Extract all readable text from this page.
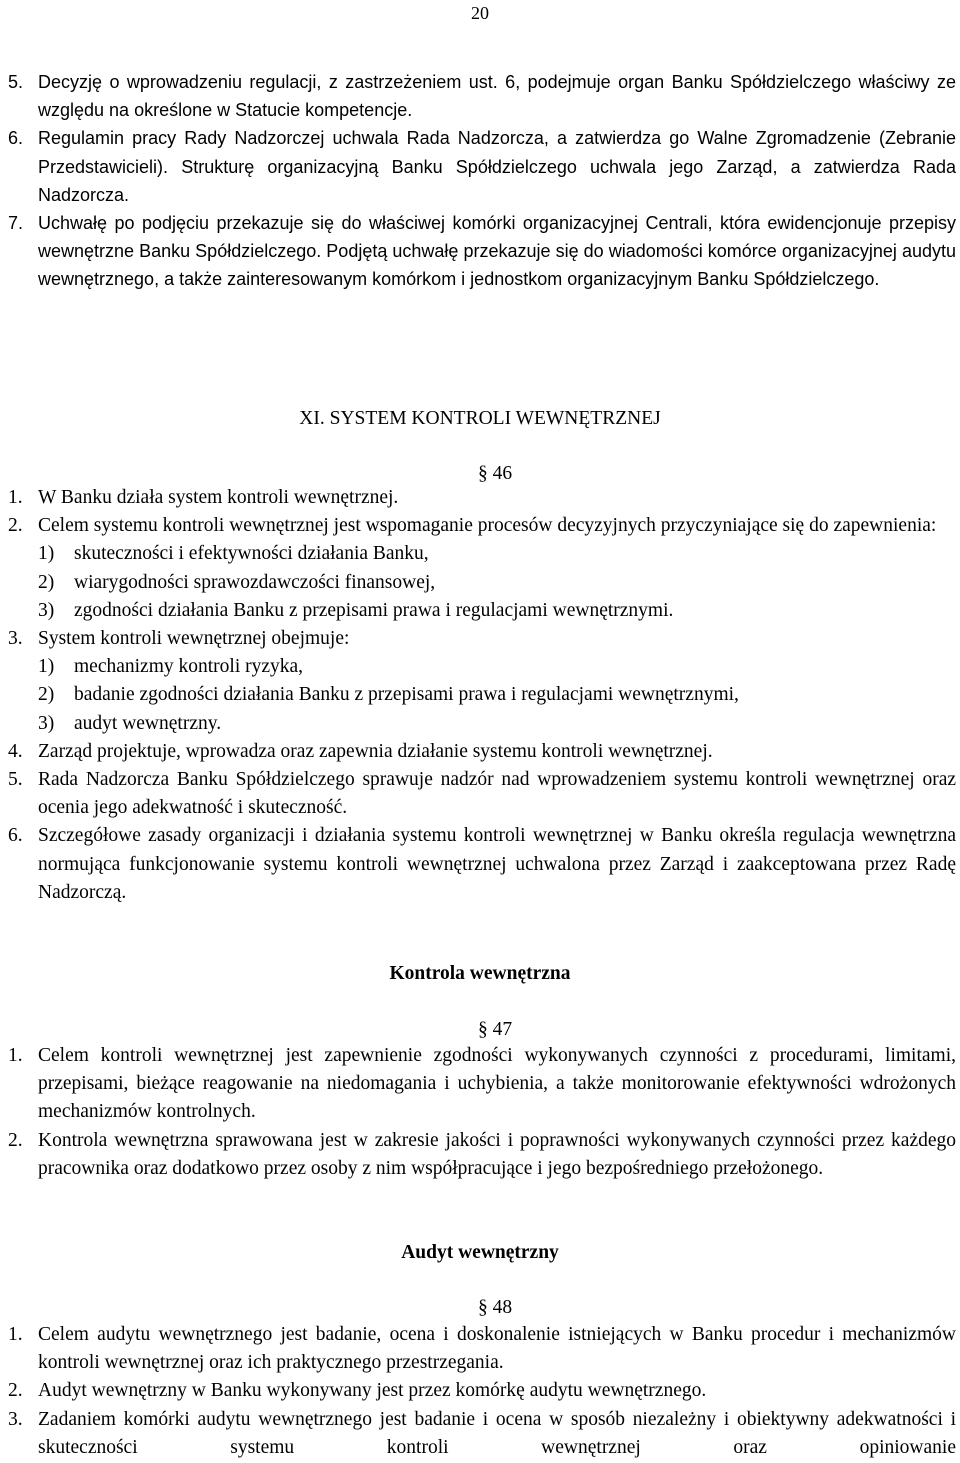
20
5. Decyzję o wprowadzeniu regulacji, z zastrzeżeniem ust. 6, podejmuje organ Banku Spółdzielczego właściwy ze względu na określone w Statucie kompetencje.
6. Regulamin pracy Rady Nadzorczej uchwala Rada Nadzorcza, a zatwierdza go Walne Zgromadzenie (Zebranie Przedstawicieli). Strukturę organizacyjną Banku Spółdzielczego uchwala jego Zarząd, a zatwierdza Rada Nadzorcza.
7. Uchwałę po podjęciu przekazuje się do właściwej komórki organizacyjnej Centrali, która ewidencjonuje przepisy wewnętrzne Banku Spółdzielczego. Podjętą uchwałę przekazuje się do wiadomości komórce organizacyjnej audytu wewnętrznego, a także zainteresowanym komórkom i jednostkom organizacyjnym Banku Spółdzielczego.
XI. SYSTEM KONTROLI WEWNĘTRZNEJ
§ 46
1. W Banku działa system kontroli wewnętrznej.
2. Celem systemu kontroli wewnętrznej jest wspomaganie procesów decyzyjnych przyczyniające się do zapewnienia:
1)	skuteczności i efektywności działania Banku,
2)	wiarygodności sprawozdawczości finansowej,
3)	zgodności działania Banku z przepisami prawa i regulacjami wewnętrznymi.
3. System kontroli wewnętrznej obejmuje:
1)	mechanizmy kontroli ryzyka,
2)	badanie zgodności działania Banku z przepisami prawa i regulacjami wewnętrznymi,
3)	audyt wewnętrzny.
4. Zarząd projektuje, wprowadza oraz zapewnia działanie systemu kontroli wewnętrznej.
5. Rada Nadzorcza Banku Spółdzielczego sprawuje nadzór nad wprowadzeniem systemu kontroli wewnętrznej oraz ocenia jego adekwatność i skuteczność.
6. Szczegółowe zasady organizacji i działania systemu kontroli wewnętrznej w Banku określa regulacja wewnętrzna normująca funkcjonowanie systemu kontroli wewnętrznej uchwalona przez Zarząd i zaakceptowana przez Radę Nadzorczą.
Kontrola wewnętrzna
§ 47
1. Celem kontroli wewnętrznej jest zapewnienie zgodności wykonywanych czynności z procedurami, limitami, przepisami, bieżące reagowanie na niedomagania i uchybienia, a także monitorowanie efektywności wdrożonych mechanizmów kontrolnych.
2. Kontrola wewnętrzna sprawowana jest w zakresie jakości i poprawności wykonywanych czynności przez każdego pracownika oraz dodatkowo przez osoby z nim współpracujące i jego bezpośredniego przełożonego.
Audyt wewnętrzny
§ 48
1. Celem audytu wewnętrznego jest badanie, ocena i doskonalenie istniejących w Banku procedur i mechanizmów kontroli wewnętrznej oraz ich praktycznego przestrzegania.
2. Audyt wewnętrzny w Banku wykonywany jest przez komórkę audytu wewnętrznego.
3. Zadaniem komórki audytu wewnętrznego jest badanie i ocena w sposób niezależny i obiektywny adekwatności i skuteczności systemu kontroli wewnętrznej oraz opiniowanie
